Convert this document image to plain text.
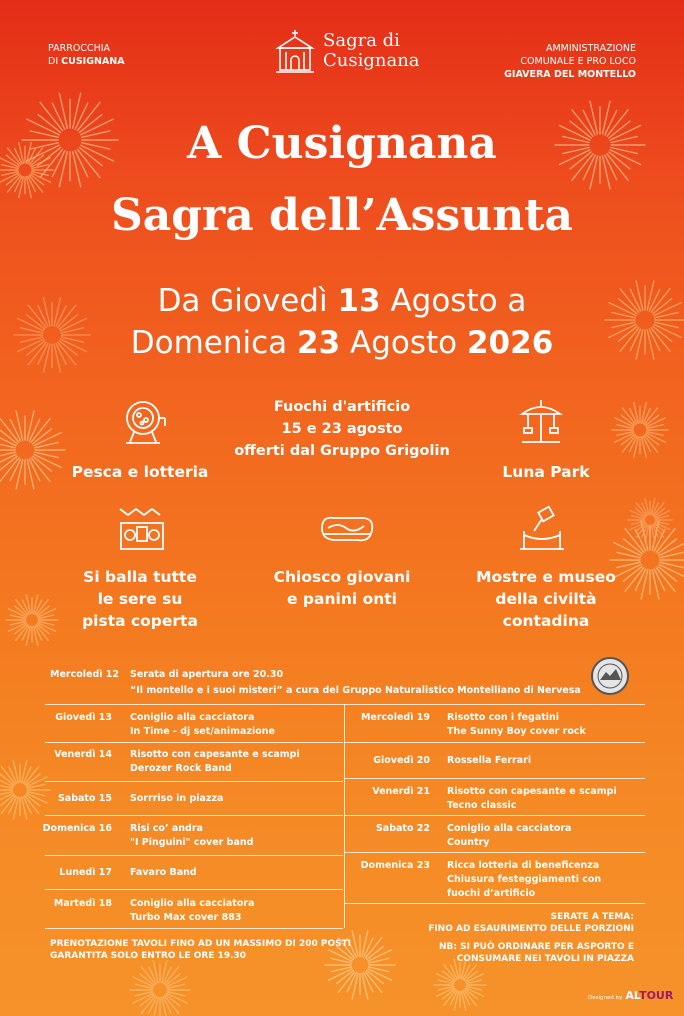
PARROCCHIA
DI CUSIGNANA
Sagra di
Cusignana
AMMINISTRAZIONE
COMUNALE E PRO LOCO
GIAVERA DEL MONTELLO
A Cusignana
Sagra dell’Assunta
Da Giovedì 13 Agosto a
Domenica 23 Agosto 2026
Fuochi d'artificio
15 e 23 agosto
offerti dal Gruppo Grigolin
Pesca e lotteria	Luna Park
Si balla tutte
le sere su
pista coperta
Chiosco giovani
e panini onti
Mostre e museo
della civiltà
contadina
Mercoledì 12 Serata di apertura ore 20.30
“Il montello e i suoi misteri” a cura del Gruppo Naturalistico Montelliano di Nervesa
Giovedì 13 Coniglio alla cacciatora
In Time - dj set/animazione
Venerdì 14 Risotto con capesante e scampi
Derozer Rock Band
Sabato 15 Sorrriso in piazza
Domenica 16 Risi co’ andra
"I Pinguini" cover band
Lunedì 17 Favaro Band
Martedì 18 Coniglio alla cacciatora
Turbo Max cover 883
Mercoledì 19 Risotto con i fegatini
The Sunny Boy cover rock
Giovedì 20 Rossella Ferrari
Venerdì 21 Risotto con capesante e scampi
Tecno classic
Sabato 22 Coniglio alla cacciatora
Country
Domenica 23 Ricca lotteria di beneficenza
Chiusura festeggiamenti con
fuochi d’artificio
PRENOTAZIONE TAVOLI FINO AD UN MASSIMO DI 200 POSTI
GARANTITA SOLO ENTRO LE ORE 19.30
SERATE A TEMA:
FINO AD ESAURIMENTO DELLE PORZIONI
NB: SI PUÒ ORDINARE PER ASPORTO E
CONSUMARE NEI TAVOLI IN PIAZZA
Designed by ALTOUR
